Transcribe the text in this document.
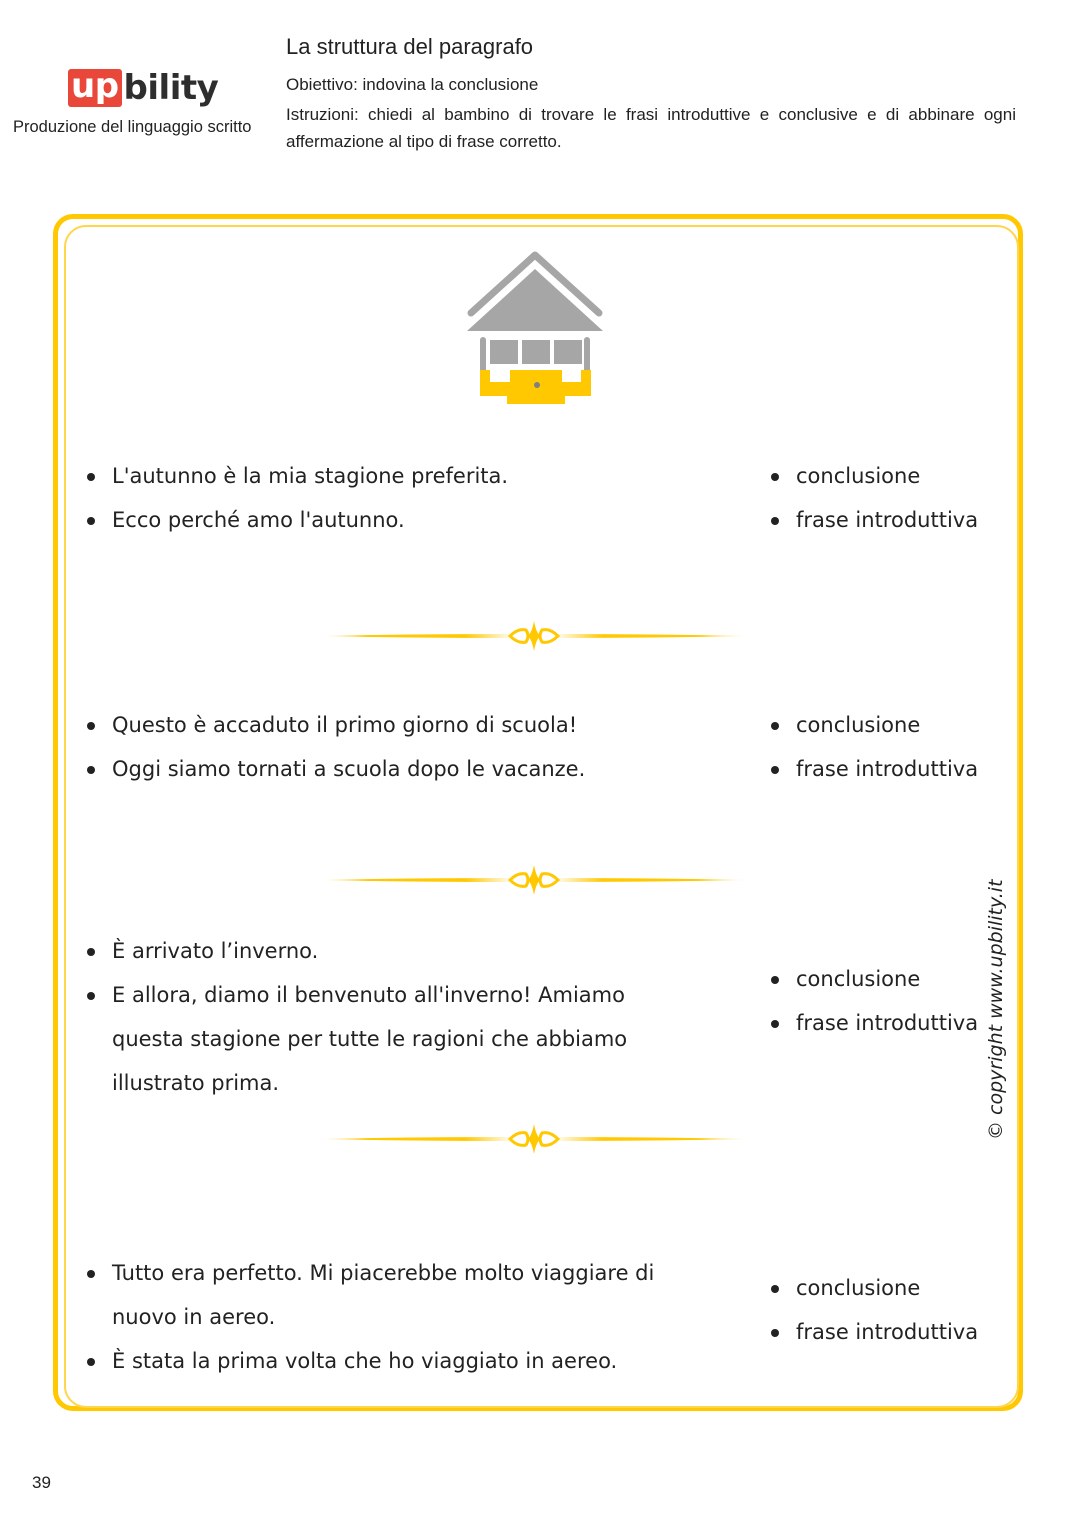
up bility
Produzione del linguaggio scritto
La struttura del paragrafo
Obiettivo: indovina la conclusione
Istruzioni: chiedi al bambino di trovare le frasi introduttive e conclusive e di abbinare ogni affermazione al tipo di frase corretto.
L'autunno è la mia stagione preferita.
Ecco perché amo l'autunno.
conclusione
frase introduttiva
Questo è accaduto il primo giorno di scuola!
Oggi siamo tornati a scuola dopo le vacanze.
conclusione
frase introduttiva
È arrivato l’inverno.
E allora, diamo il benvenuto all'inverno! Amiamo questa stagione per tutte le ragioni che abbiamo illustrato prima.
conclusione
frase introduttiva
Tutto era perfetto. Mi piacerebbe molto viaggiare di nuovo in aereo.
È stata la prima volta che ho viaggiato in aereo.
conclusione
frase introduttiva
© copyright www.upbility.it
39
